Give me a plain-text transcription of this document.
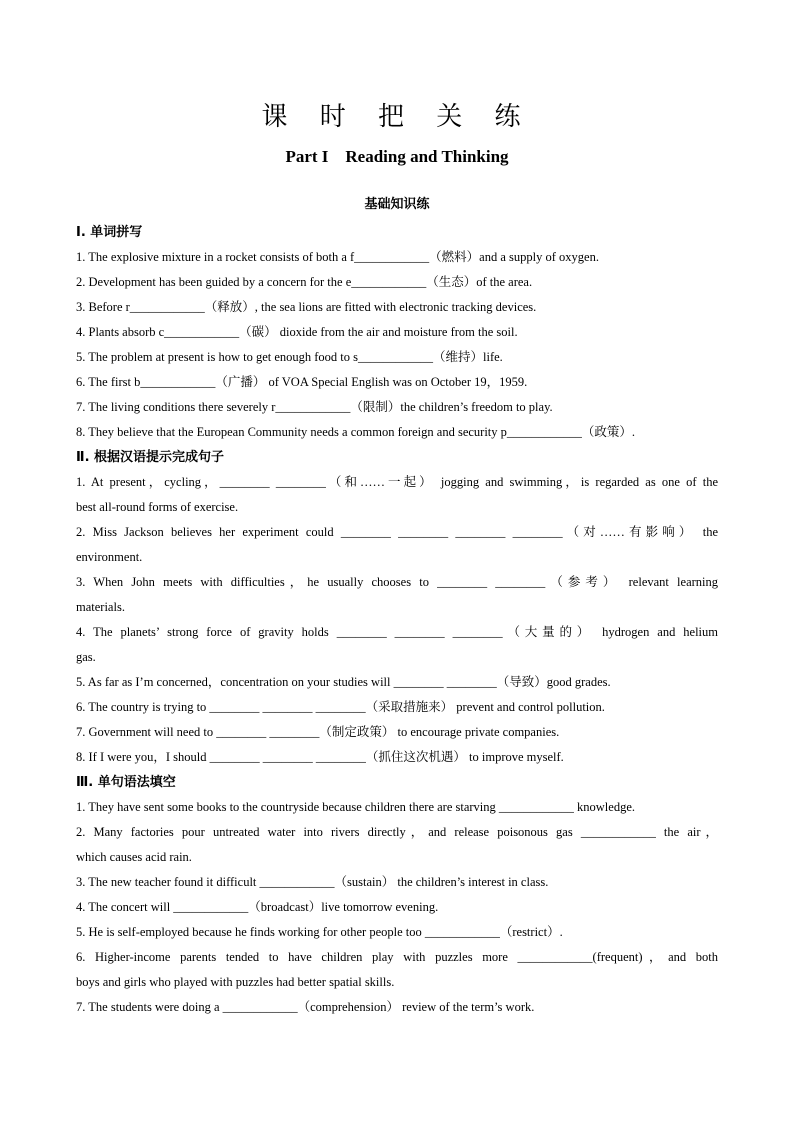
课 时 把 关 练
Part I    Reading and Thinking
基础知识练
Ⅰ. 单词拼写
1. The explosive mixture in a rocket consists of both a f____________（燃料）and a supply of oxygen.
2. Development has been guided by a concern for the e____________（生态）of the area.
3. Before r____________（释放）, the sea lions are fitted with electronic tracking devices.
4. Plants absorb c____________（碳） dioxide from the air and moisture from the soil.
5. The problem at present is how to get enough food to s____________（维持）life.
6. The first b____________（广播） of VOA Special English was on October 19，1959.
7. The living conditions there severely r____________（限制）the children’s freedom to play.
8. They believe that the European Community needs a common foreign and security p____________（政策）.
Ⅱ. 根据汉语提示完成句子
1. At present，cycling，________ ________（和……一起） jogging and swimming，is regarded as one of the
best all-round forms of exercise.
2. Miss Jackson believes her experiment could ________ ________ ________ ________（对……有影响） the
environment.
3. When John meets with difficulties，he usually chooses to ________ ________（参考） relevant learning
materials.
4. The planets’ strong force of gravity holds ________ ________ ________（大量的） hydrogen and helium
gas.
5. As far as I’m concerned，concentration on your studies will ________ ________（导致）good grades.
6. The country is trying to ________ ________ ________（采取措施来） prevent and control pollution.
7. Government will need to ________ ________（制定政策） to encourage private companies.
8. If I were you，I should ________ ________ ________（抓住这次机遇） to improve myself.
Ⅲ. 单句语法填空
1. They have sent some books to the countryside because children there are starving ____________ knowledge.
2. Many factories pour untreated water into rivers directly，and release poisonous gas ____________ the air，
which causes acid rain.
3. The new teacher found it difficult ____________（sustain） the children’s interest in class.
4. The concert will ____________（broadcast）live tomorrow evening.
5. He is self-employed because he finds working for other people too ____________（restrict）.
6. Higher-income parents tended to have children play with puzzles more ____________(frequent)，and both
boys and girls who played with puzzles had better spatial skills.
7. The students were doing a ____________（comprehension） review of the term’s work.
